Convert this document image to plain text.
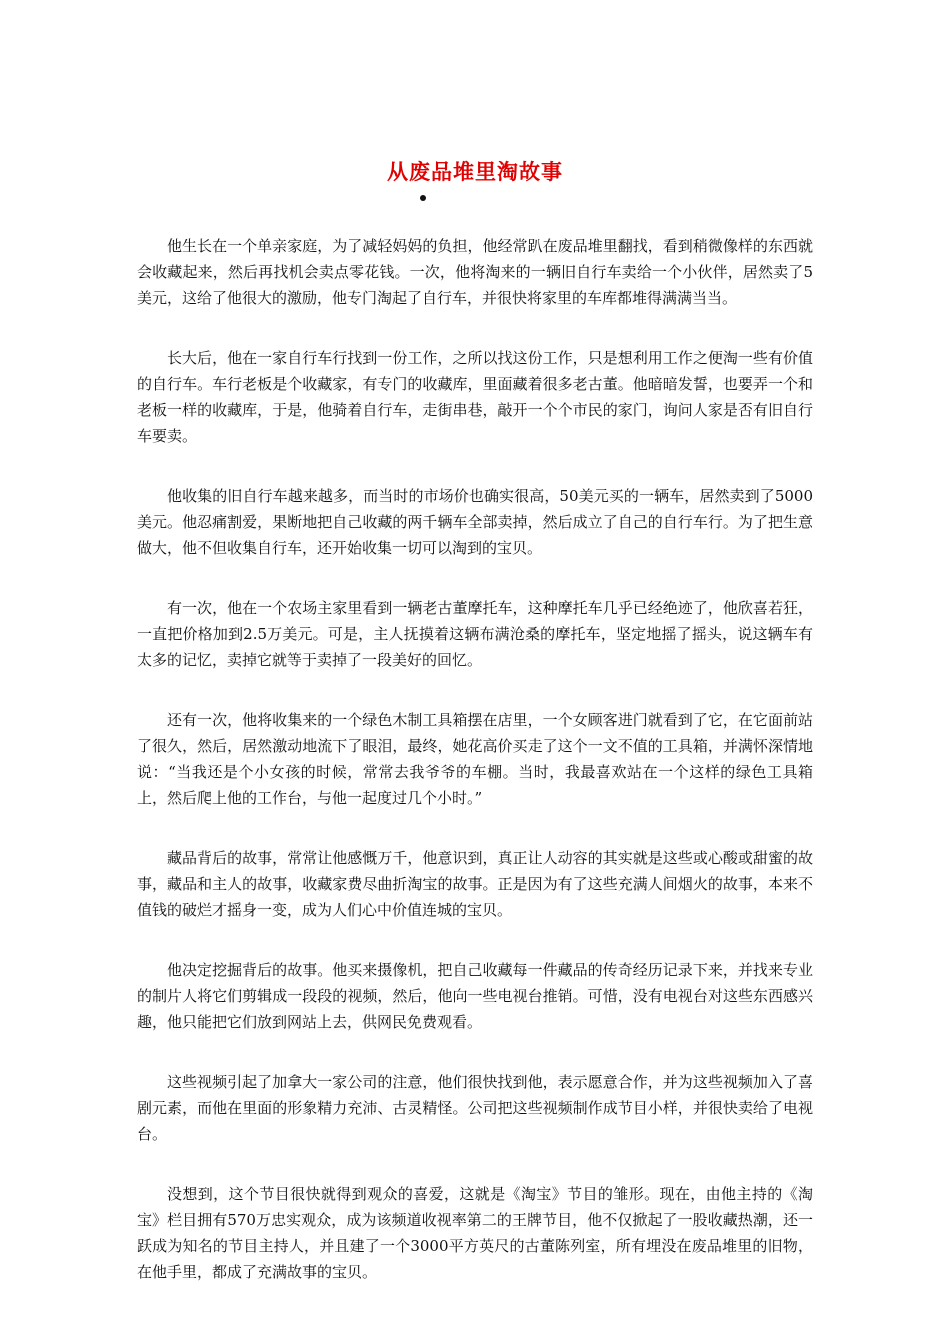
从废品堆里淘故事

他生长在一个单亲家庭，为了减轻妈妈的负担，他经常趴在废品堆里翻找，看到稍微像样的东西就会收藏起来，然后再找机会卖点零花钱。一次，他将淘来的一辆旧自行车卖给一个小伙伴，居然卖了5美元，这给了他很大的激励，他专门淘起了自行车，并很快将家里的车库都堆得满满当当。

长大后，他在一家自行车行找到一份工作，之所以找这份工作，只是想利用工作之便淘一些有价值的自行车。车行老板是个收藏家，有专门的收藏库，里面藏着很多老古董。他暗暗发誓，也要弄一个和老板一样的收藏库，于是，他骑着自行车，走街串巷，敲开一个个市民的家门，询问人家是否有旧自行车要卖。

他收集的旧自行车越来越多，而当时的市场价也确实很高，50美元买的一辆车，居然卖到了5000美元。他忍痛割爱，果断地把自己收藏的两千辆车全部卖掉，然后成立了自己的自行车行。为了把生意做大，他不但收集自行车，还开始收集一切可以淘到的宝贝。

有一次，他在一个农场主家里看到一辆老古董摩托车，这种摩托车几乎已经绝迹了，他欣喜若狂，一直把价格加到2.5万美元。可是，主人抚摸着这辆布满沧桑的摩托车，坚定地摇了摇头，说这辆车有太多的记忆，卖掉它就等于卖掉了一段美好的回忆。

还有一次，他将收集来的一个绿色木制工具箱摆在店里，一个女顾客进门就看到了它，在它面前站了很久，然后，居然激动地流下了眼泪，最终，她花高价买走了这个一文不值的工具箱，并满怀深情地说：“当我还是个小女孩的时候，常常去我爷爷的车棚。当时，我最喜欢站在一个这样的绿色工具箱上，然后爬上他的工作台，与他一起度过几个小时。”

藏品背后的故事，常常让他感慨万千，他意识到，真正让人动容的其实就是这些或心酸或甜蜜的故事，藏品和主人的故事，收藏家费尽曲折淘宝的故事。正是因为有了这些充满人间烟火的故事，本来不值钱的破烂才摇身一变，成为人们心中价值连城的宝贝。

他决定挖掘背后的故事。他买来摄像机，把自己收藏每一件藏品的传奇经历记录下来，并找来专业的制片人将它们剪辑成一段段的视频，然后，他向一些电视台推销。可惜，没有电视台对这些东西感兴趣，他只能把它们放到网站上去，供网民免费观看。

这些视频引起了加拿大一家公司的注意，他们很快找到他，表示愿意合作，并为这些视频加入了喜剧元素，而他在里面的形象精力充沛、古灵精怪。公司把这些视频制作成节目小样，并很快卖给了电视台。

没想到，这个节目很快就得到观众的喜爱，这就是《淘宝》节目的雏形。现在，由他主持的《淘宝》栏目拥有570万忠实观众，成为该频道收视率第二的王牌节目，他不仅掀起了一股收藏热潮，还一跃成为知名的节目主持人，并且建了一个3000平方英尺的古董陈列室，所有埋没在废品堆里的旧物，在他手里，都成了充满故事的宝贝。
